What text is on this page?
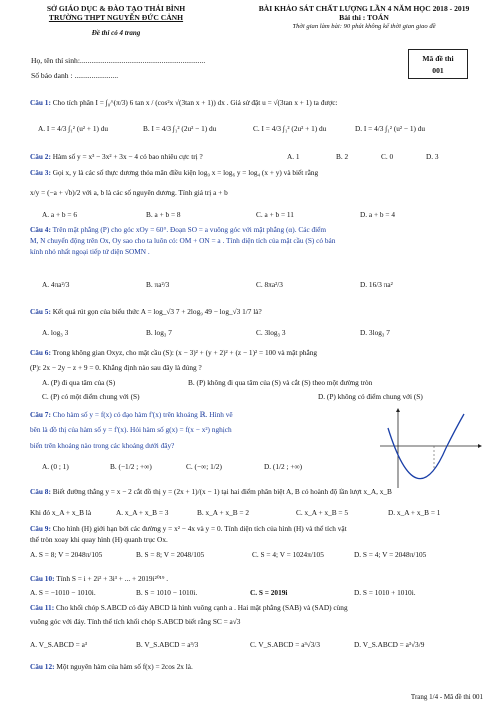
SỞ GIÁO DỤC & ĐÀO TẠO THÁI BÌNH
TRƯỜNG THPT NGUYỄN ĐỨC CẢNH
Đề thi có 4 trang
BÀI KHẢO SÁT CHẤT LƯỢNG LẦN 4 NĂM HỌC 2018 - 2019
Bài thi : TOÁN
Thời gian làm bài: 90 phút không kể thời gian giao đề
Họ, tên thí sinh:..................................................................
Số báo danh : .......................
Mã đề thi
001
Câu 1: Cho tích phân I = ∫₀^(π/3) 6 tan x / (cos²x √(3tan x + 1)) dx . Giả sử đặt u = √(3tan x + 1) ta được:
A. I = 4/3 ∫₁² (u² + 1) du	B. I = 4/3 ∫₁² (2u² − 1) du	C. I = 4/3 ∫₁² (2u² + 1) du	D. I = 4/3 ∫₁² (u² − 1) du
Câu 2: Hàm số y = x³ − 3x² + 3x − 4 có bao nhiêu cực trị ?	A. 1	B. 2	C. 0	D. 3
Câu 3: Gọi x, y là các số thực dương thỏa mãn điều kiện log₉ x = log₆ y = log₄ (x + y) và biết rằng
x/y = (−a + √b)/2 với a, b là các số nguyên dương. Tính giá trị a + b
A. a + b = 6	B. a + b = 8	C. a + b = 11	D. a + b = 4
Câu 4: Trên mặt phẳng (P) cho góc xOy = 60°. Đoạn SO = a vuông góc với mặt phẳng (α). Các điểm
M, N chuyển động trên Ox, Oy sao cho ta luôn có: OM + ON = a . Tính diện tích của mặt cầu (S) có bán
kính nhỏ nhất ngoại tiếp tứ diện SOMN .
A. 4πa²/3	B. πa²/3	C. 8πa²/3	D. 16/3 πa²
Câu 5: Kết quả rút gọn của biểu thức A = log_√3 7 + 2log₉ 49 − log_√3 1/7 là?
A. log₃ 3	B. log₃ 7	C. 3log₃ 3	D. 3log₃ 7
Câu 6: Trong không gian Oxyz, cho mặt cầu (S): (x − 3)² + (y + 2)² + (z − 1)² = 100 và mặt phẳng
(P): 2x − 2y − z + 9 = 0. Khẳng định nào sau đây là đúng ?
A. (P) đi qua tâm của (S)	B. (P) không đi qua tâm của (S) và cắt (S) theo một đường tròn
C. (P) có một điểm chung với (S)	D. (P) không có điểm chung với (S)
Câu 7: Cho hàm số y = f(x) có đạo hàm f'(x) trên khoảng ℝ. Hình vẽ
bên là đồ thị của hàm số y = f'(x). Hỏi hàm số g(x) = f(x − x²) nghịch
biến trên khoảng nào trong các khoảng dưới đây?
A. (0 ; 1)	B. (−1/2 ; +∞)	C. (−∞; 1/2)	D. (1/2 ; +∞)
Câu 8: Biết đường thẳng y = x − 2 cắt đồ thị y = (2x + 1)/(x − 1) tại hai điểm phân biệt A, B có hoành độ lần lượt x_A, x_B
Khi đó x_A + x_B là	A. x_A + x_B = 3	B. x_A + x_B = 2	C. x_A + x_B = 5	D. x_A + x_B = 1
Câu 9: Cho hình (H) giới hạn bởi các đường y = x² − 4x và y = 0. Tính diện tích của hình (H) và thể tích vật
thể tròn xoay khi quay hình (H) quanh trục Ox.
A. S = 8; V = 2048π/105	B. S = 8; V = 2048/105	C. S = 4; V = 1024π/105	D. S = 4; V = 2048π/105
Câu 10: Tính S = i + 2i² + 3i³ + ... + 2019i²⁰¹⁹ .
A. S = −1010 − 1010i.	B. S = 1010 − 1010i.	C. S = 2019i	D. S = 1010 + 1010i.
Câu 11: Cho khối chóp S.ABCD có đáy ABCD là hình vuông cạnh a . Hai mặt phẳng (SAB) và (SAD) cùng
vuông góc với đáy. Tính thể tích khối chóp S.ABCD biết rằng SC = a√3
A. V_S.ABCD = a³	B. V_S.ABCD = a³/3	C. V_S.ABCD = a³√3/3	D. V_S.ABCD = a³√3/9
Câu 12: Một nguyên hàm của hàm số f(x) = 2cos 2x là.
Trang 1/4 - Mã đề thi 001
